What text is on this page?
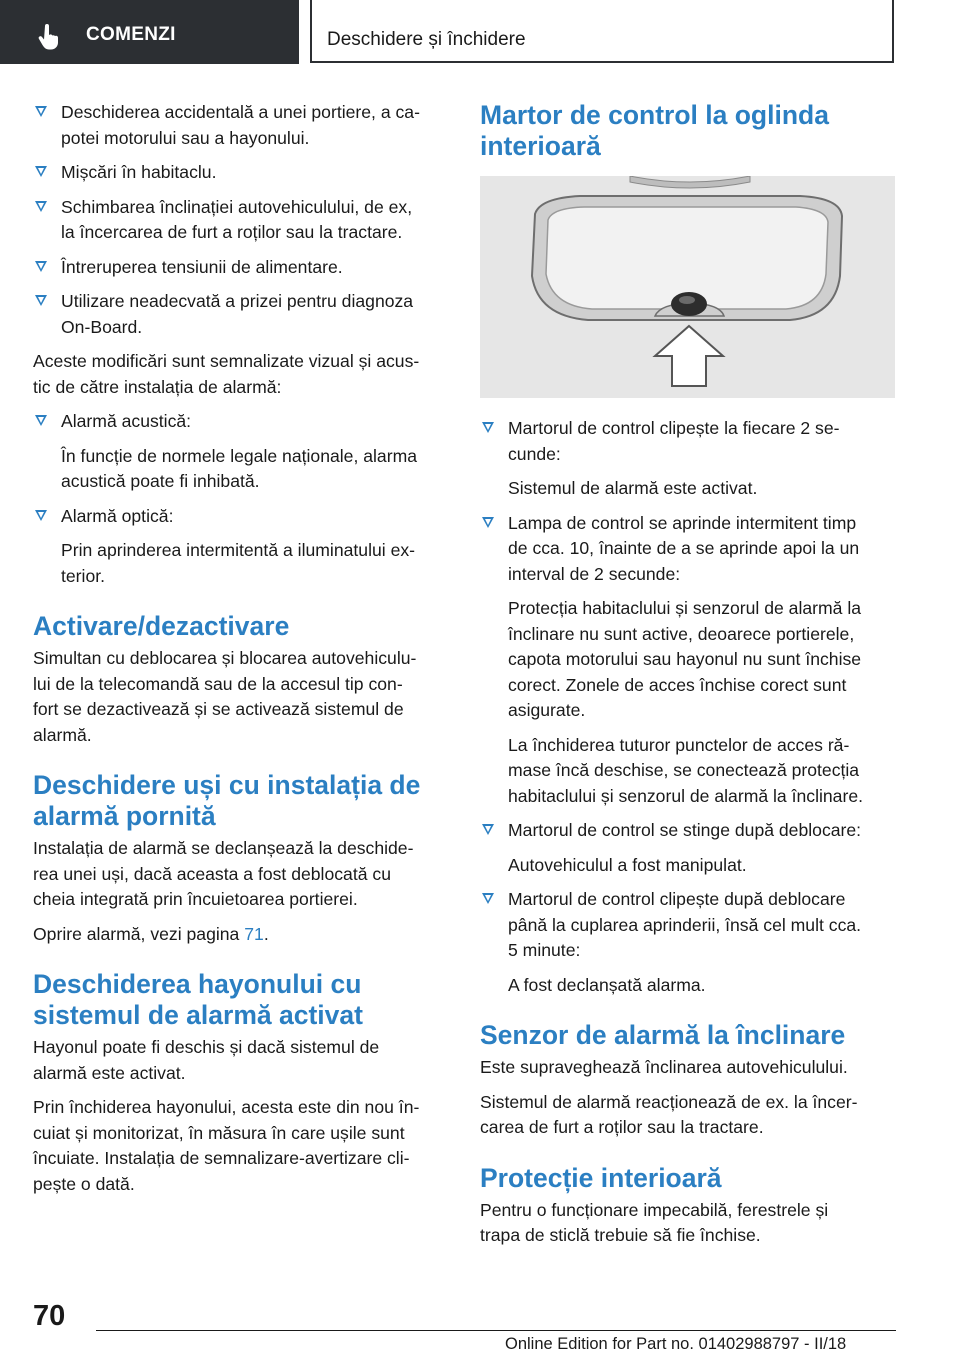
COMENZI	Deschidere și închidere

Deschiderea accidentală a unei portiere, a ca-
potei motorului sau a hayonului.

Mișcări în habitaclu.

Schimbarea înclinației autovehiculului, de ex,
la încercarea de furt a roților sau la tractare.

Întreruperea tensiunii de alimentare.

Utilizare neadecvată a prizei pentru diagnoza
On-Board.

Aceste modificări sunt semnalizate vizual și acus-
tic de către instalația de alarmă:

Alarmă acustică:

În funcție de normele legale naționale, alarma
acustică poate fi inhibată.

Alarmă optică:

Prin aprinderea intermitentă a iluminatului ex-
terior.

Activare/dezactivare

Simultan cu deblocarea și blocarea autovehiculu-
lui de la telecomandă sau de la accesul tip con-
fort se dezactivează și se activează sistemul de
alarmă.

Deschidere uși cu instalația de
alarmă pornită

Instalația de alarmă se declanșează la deschide-
rea unei uși, dacă aceasta a fost deblocată cu
cheia integrată prin încuietoarea portierei.

Oprire alarmă, vezi pagina 71.

Deschiderea hayonului cu
sistemul de alarmă activat

Hayonul poate fi deschis și dacă sistemul de
alarmă este activat.

Prin închiderea hayonului, acesta este din nou în-
cuiat și monitorizat, în măsura în care ușile sunt
încuiate. Instalația de semnalizare-avertizare cli-
pește o dată.

Martor de control la oglinda
interioară

Martorul de control clipește la fiecare 2 se-
cunde:

Sistemul de alarmă este activat.

Lampa de control se aprinde intermitent timp
de cca. 10, înainte de a se aprinde apoi la un
interval de 2 secunde:

Protecția habitaclului și senzorul de alarmă la
înclinare nu sunt active, deoarece portierele,
capota motorului sau hayonul nu sunt închise
corect. Zonele de acces închise corect sunt
asigurate.

La închiderea tuturor punctelor de acces ră-
mase încă deschise, se conectează protecția
habitaclului și senzorul de alarmă la înclinare.

Martorul de control se stinge după deblocare:

Autovehiculul a fost manipulat.

Martorul de control clipește după deblocare
până la cuplarea aprinderii, însă cel mult cca.
5 minute:

A fost declanșată alarma.

Senzor de alarmă la înclinare

Este supraveghează înclinarea autovehiculului.

Sistemul de alarmă reacționează de ex. la încer-
carea de furt a roților sau la tractare.

Protecție interioară

Pentru o funcționare impecabilă, ferestrele și
trapa de sticlă trebuie să fie închise.

70
Online Edition for Part no. 01402988797 - II/18
